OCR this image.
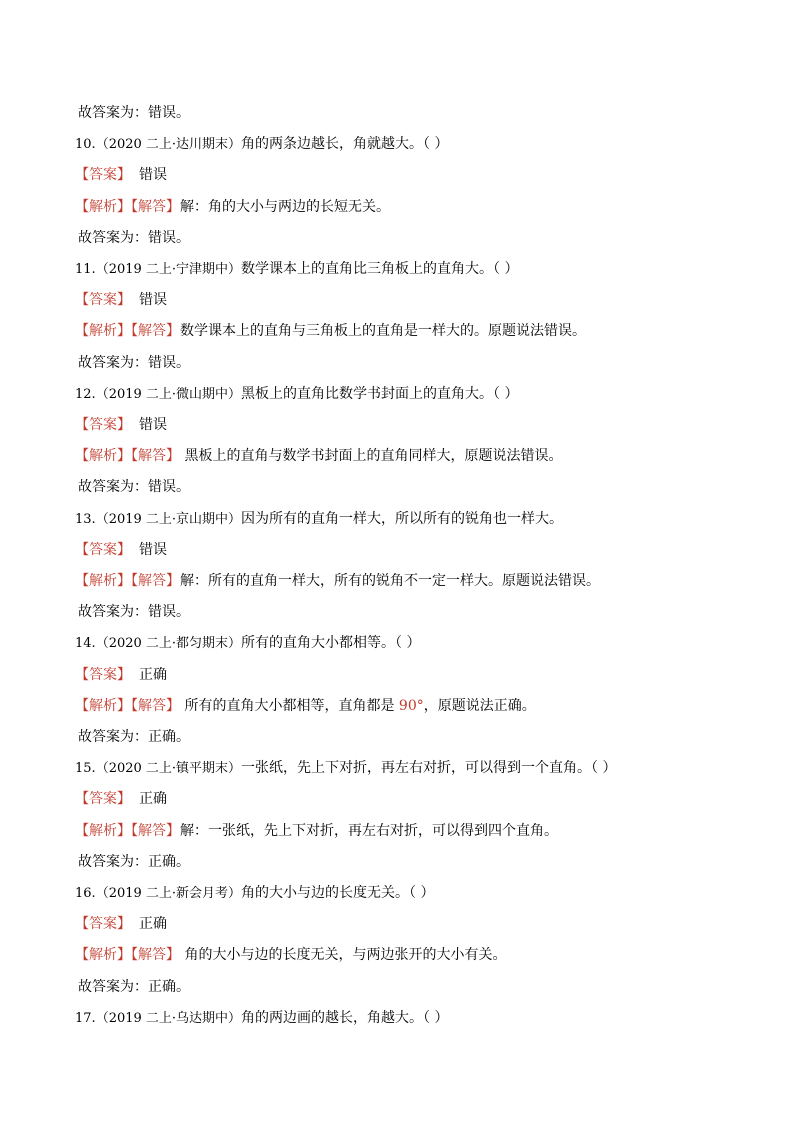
故答案为：错误。
10.（2020 二上·达川期末）角的两条边越长，角就越大。（ ）
【答案】 错误
【解析】【解答】解：角的大小与两边的长短无关。
故答案为：错误。
11.（2019 二上·宁津期中）数学课本上的直角比三角板上的直角大。（ ）
【答案】 错误
【解析】【解答】数学课本上的直角与三角板上的直角是一样大的。原题说法错误。
故答案为：错误。
12.（2019 二上·微山期中）黑板上的直角比数学书封面上的直角大。（ ）
【答案】 错误
【解析】【解答】 黑板上的直角与数学书封面上的直角同样大，原题说法错误。
故答案为：错误。
13.（2019 二上·京山期中）因为所有的直角一样大，所以所有的锐角也一样大。
【答案】 错误
【解析】【解答】解：所有的直角一样大，所有的锐角不一定一样大。原题说法错误。
故答案为：错误。
14.（2020 二上·都匀期末）所有的直角大小都相等。（ ）
【答案】 正确
【解析】【解答】 所有的直角大小都相等，直角都是 90°，原题说法正确。
故答案为：正确。
15.（2020 二上·镇平期末）一张纸，先上下对折，再左右对折，可以得到一个直角。（ ）
【答案】 正确
【解析】【解答】解：一张纸，先上下对折，再左右对折，可以得到四个直角。
故答案为：正确。
16.（2019 二上·新会月考）角的大小与边的长度无关。（ ）
【答案】 正确
【解析】【解答】 角的大小与边的长度无关，与两边张开的大小有关。
故答案为：正确。
17.（2019 二上·乌达期中）角的两边画的越长，角越大。（ ）
